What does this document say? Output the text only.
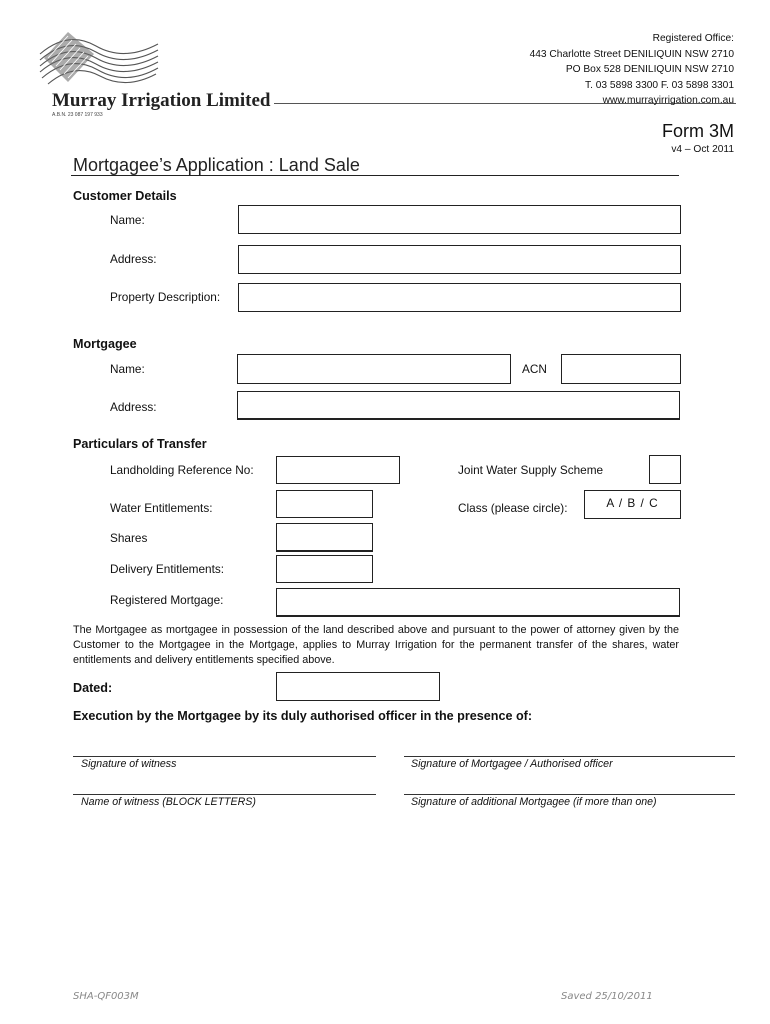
Murray Irrigation Limited
A.B.N. 23 087 197 933
Registered Office:
443 Charlotte Street DENILIQUIN NSW 2710
PO Box 528 DENILIQUIN NSW 2710
T. 03 5898 3300 F. 03 5898 3301
www.murrayirrigation.com.au
Form 3M
v4 – Oct 2011
Mortgagee’s Application : Land Sale
Customer Details
Name:
Address:
Property Description:
Mortgagee
Name:	ACN
Address:
Particulars of Transfer
Landholding Reference No:	Joint Water Supply Scheme
Water Entitlements:	Class (please circle):	A / B / C
Shares
Delivery Entitlements:
Registered Mortgage:
The Mortgagee as mortgagee in possession of the land described above and pursuant to the power of attorney given by the Customer to the Mortgagee in the Mortgage, applies to Murray Irrigation for the permanent transfer of the shares, water entitlements and delivery entitlements specified above.
Dated:
Execution by the Mortgagee by its duly authorised officer in the presence of:
Signature of witness	Signature of Mortgagee / Authorised officer
Name of witness (BLOCK LETTERS)	Signature of additional Mortgagee (if more than one)
SHA-QF003M	Saved 25/10/2011
